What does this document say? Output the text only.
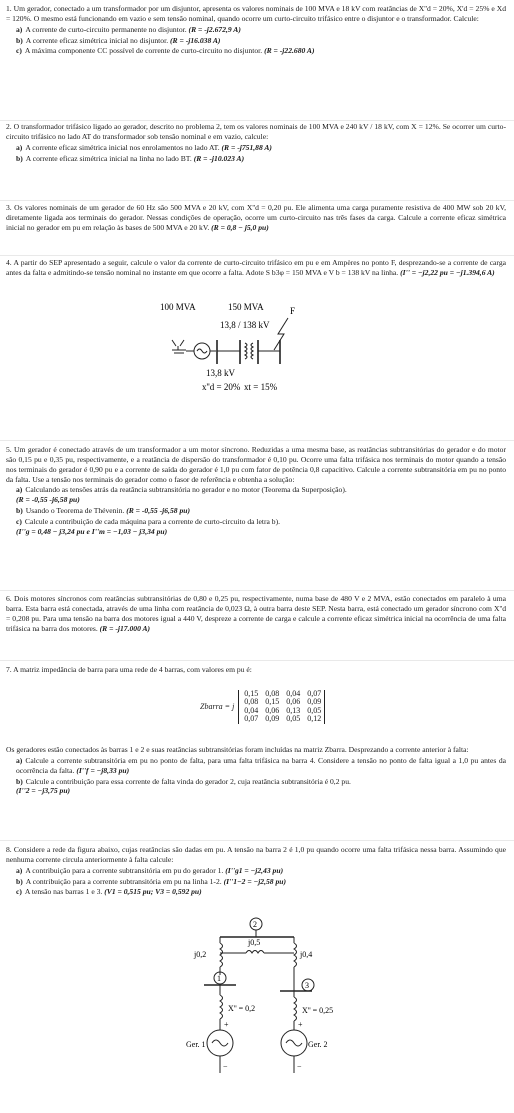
1. Um gerador, conectado a um transformador por um disjuntor, apresenta os valores nominais de 100 MVA e 18 kV com reatâncias de X''d = 20%, X'd = 25% e Xd = 120%. O mesmo está funcionando em vazio e sem tensão nominal, quando ocorre um curto-circuito trifásico entre o disjuntor e o transformador. Calcule:

a) A corrente de curto-circuito permanente no disjuntor. (R = -j2.672,9 A)
b) A corrente eficaz simétrica inicial no disjuntor. (R = -j16.038 A)
c) A máxima componente CC possível de corrente de curto-circuito no disjuntor. (R = -j22.680 A)

2. O transformador trifásico ligado ao gerador, descrito no problema 2, tem os valores nominais de 100 MVA e 240 kV / 18 kV, com X = 12%. Se ocorrer um curto-circuito trifásico no lado AT do transformador sob tensão nominal e em vazio, calcule:

a) A corrente eficaz simétrica inicial nos enrolamentos no lado AT. (R = -j751,88 A)
b) A corrente eficaz simétrica inicial na linha no lado BT. (R = -j10.023 A)

3. Os valores nominais de um gerador de 60 Hz são 500 MVA e 20 kV, com X''d = 0,20 pu. Ele alimenta uma carga puramente resistiva de 400 MW sob 20 kV, diretamente ligada aos terminais do gerador. Nessas condições de operação, ocorre um curto-circuito nas três fases da carga. Calcule a corrente eficaz simétrica inicial no gerador em pu em relação às bases de 500 MVA e 20 kV. (R = 0,8 − j5,0 pu)

4. A partir do SEP apresentado a seguir, calcule o valor da corrente de curto-circuito trifásico em pu e em Ampères no ponto F, desprezando-se a corrente de carga antes da falta e admitindo-se tensão nominal no instante em que ocorre a falta. Adote S b3φ = 150 MVA e V b = 138 kV na linha. (I'' = −j2,22 pu = −j1.394,6 A)

100 MVA	150 MVA	F
13,8 / 138 kV
13,8 kV
x''d = 20% xt = 15%

5. Um gerador é conectado através de um transformador a um motor síncrono. Reduzidas a uma mesma base, as reatâncias subtransitórias do gerador e do motor são 0,15 pu e 0,35 pu, respectivamente, e a reatância de dispersão do transformador é 0,10 pu. Ocorre uma falta trifásica nos terminais do motor quando a tensão nos terminais do gerador é 0,90 pu e a corrente de saída do gerador é 1,0 pu com fator de potência 0,8 capacitivo. Calcule a corrente subtransitória em pu no ponto da falta. Use a tensão nos terminais do gerador como o fasor de referência e obtenha a solução:

a) Calculando as tensões atrás da reatância subtransitória no gerador e no motor (Teorema da Superposição).
(R = -0,55 -j6,58 pu)
b) Usando o Teorema de Thévenin. (R = -0,55 -j6,58 pu)
c) Calcule a contribuição de cada máquina para a corrente de curto-circuito da letra b).
(I''g = 0,48 − j3,24 pu e I''m = −1,03 − j3,34 pu)

6. Dois motores síncronos com reatâncias subtransitórias de 0,80 e 0,25 pu, respectivamente, numa base de 480 V e 2 MVA, estão conectados em paralelo à uma barra. Esta barra está conectada, através de uma linha com reatância de 0,023 Ω, à outra barra deste SEP. Nesta barra, está conectado um gerador síncrono com X''d = 0,208 pu. Para uma tensão na barra dos motores igual a 440 V, despreze a corrente de carga e calcule a corrente eficaz simétrica inicial na ocorrência de uma falta trifásica na barra dos motores. (R = -j17.000 A)

7. A matriz impedância de barra para uma rede de 4 barras, com valores em pu é:

Zbarra = j
0,15 0,08 0,04 0,07
0,08 0,15 0,06 0,09
0,04 0,06 0,13 0,05
0,07 0,09 0,05 0,12

Os geradores estão conectados às barras 1 e 2 e suas reatâncias subtransitórias foram incluídas na matriz Zbarra. Desprezando a corrente anterior à falta:

a) Calcule a corrente subtransitória em pu no ponto de falta, para uma falta trifásica na barra 4. Considere a tensão no ponto de falta igual a 1,0 pu antes da ocorrência da falta. (I''f = −j8,33 pu)
b) Calcule a contribuição para essa corrente de falta vinda do gerador 2, cuja reatância subtransitória é 0,2 pu.
(I''2 = −j3,75 pu)

8. Considere a rede da figura abaixo, cujas reatâncias são dadas em pu. A tensão na barra 2 é 1,0 pu quando ocorre uma falta trifásica nessa barra. Assumindo que nenhuma corrente circula anteriormente à falta calcule:

a) A contribuição para a corrente subtransitória em pu do gerador 1. (I''g1 = −j2,43 pu)
b) A contribuição para a corrente subtransitória em pu na linha 1-2. (I''1−2 = −j2,58 pu)
c) A tensão nas barras 1 e 3. (V1 = 0,515 pu; V3 = 0,592 pu)
2
1
3
j0,5
j0,2	j0,4
X'' = 0,2	X'' = 0,25
+	+
Ger. 1	Ger. 2
−	−
